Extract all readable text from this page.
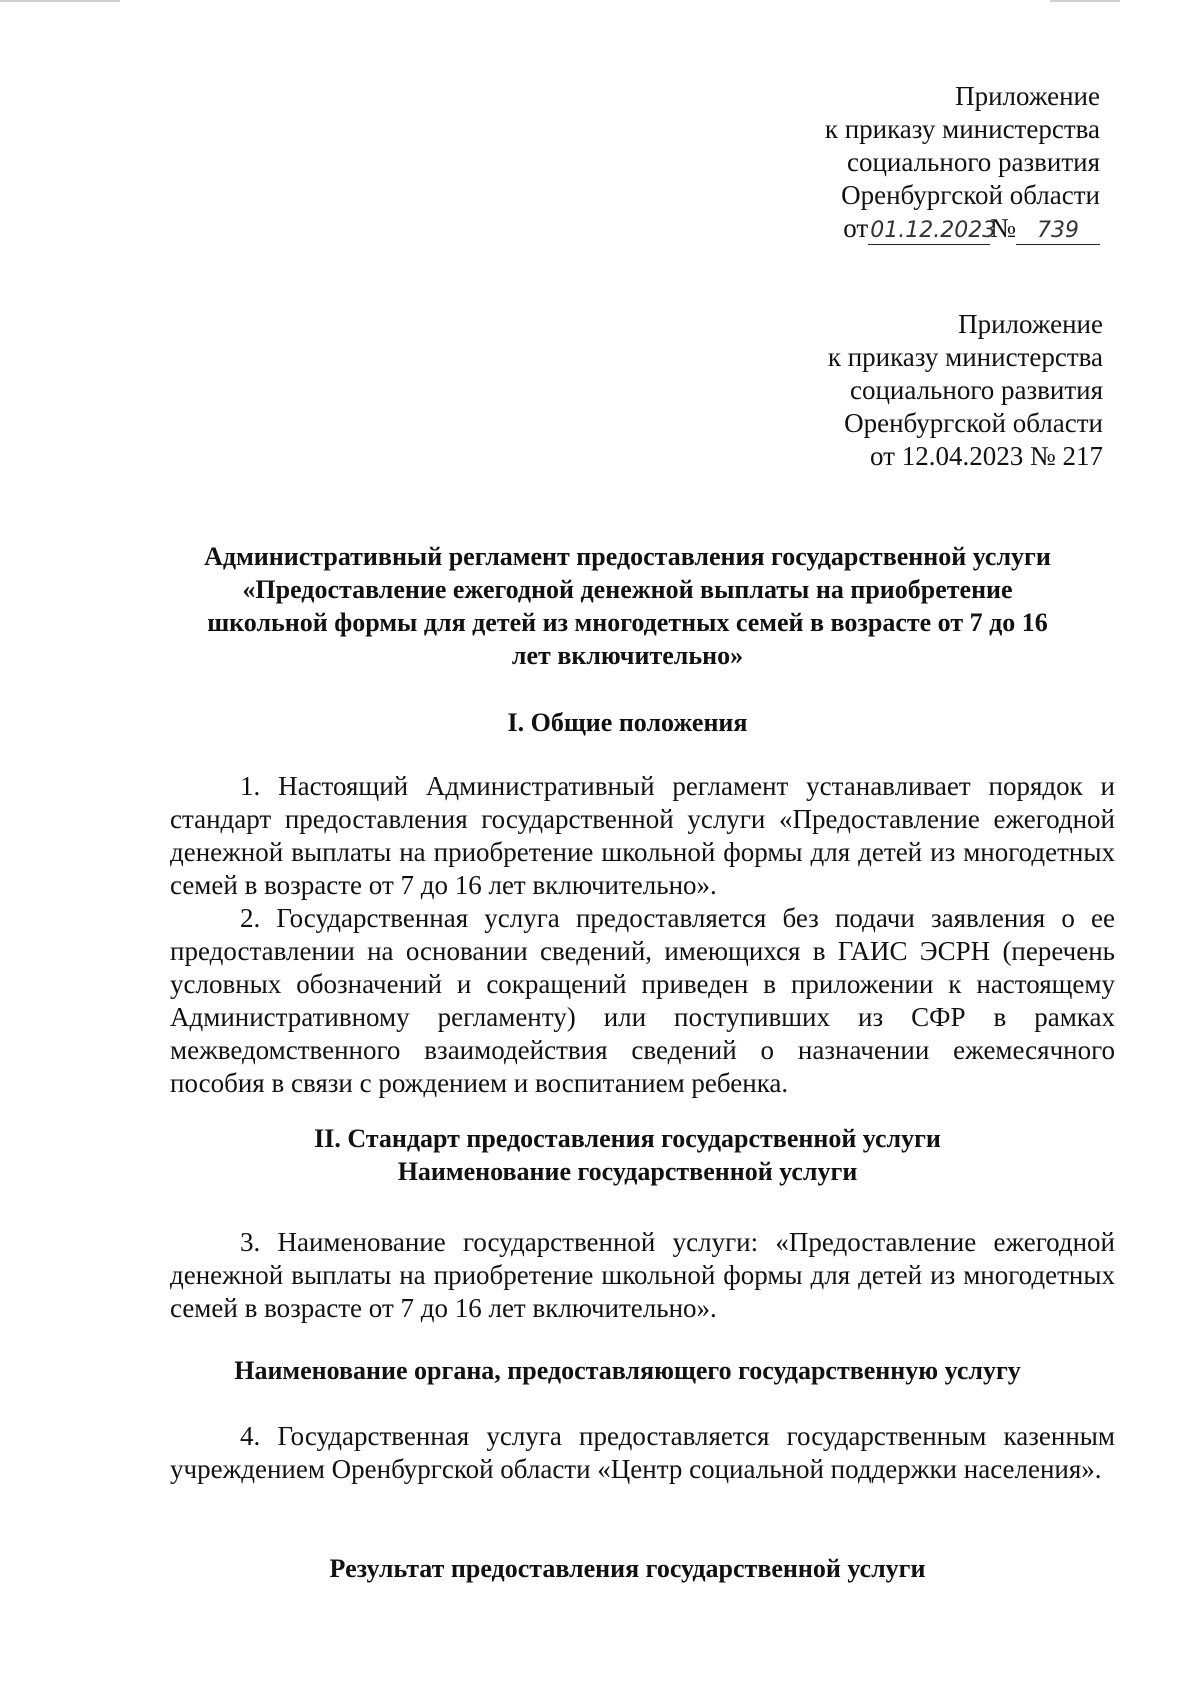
Приложение
к приказу министерства
социального развития
Оренбургской области
от01.12.2023№ 739
Приложение
к приказу министерства
социального развития
Оренбургской области
от 12.04.2023 № 217
Административный регламент предоставления государственной услуги
«Предоставление ежегодной денежной выплаты на приобретение
школьной формы для детей из многодетных семей в возрасте от 7 до 16
лет включительно»
I. Общие положения

1. Настоящий Административный регламент устанавливает порядок и стандарт предоставления государственной услуги «Предоставление ежегодной денежной выплаты на приобретение школьной формы для детей из многодетных семей в возрасте от 7 до 16 лет включительно».

2. Государственная услуга предоставляется без подачи заявления о ее предоставлении на основании сведений, имеющихся в ГАИС ЭСРН (перечень условных обозначений и сокращений приведен в приложении к настоящему Административному регламенту) или поступивших из СФР в рамках межведомственного взаимодействия сведений о назначении ежемесячного пособия в связи с рождением и воспитанием ребенка.

II. Стандарт предоставления государственной услуги
Наименование государственной услуги

3. Наименование государственной услуги: «Предоставление ежегодной денежной выплаты на приобретение школьной формы для детей из многодетных семей в возрасте от 7 до 16 лет включительно».

Наименование органа, предоставляющего государственную услугу

4. Государственная услуга предоставляется государственным казенным учреждением Оренбургской области «Центр социальной поддержки населения».

Результат предоставления государственной услуги
